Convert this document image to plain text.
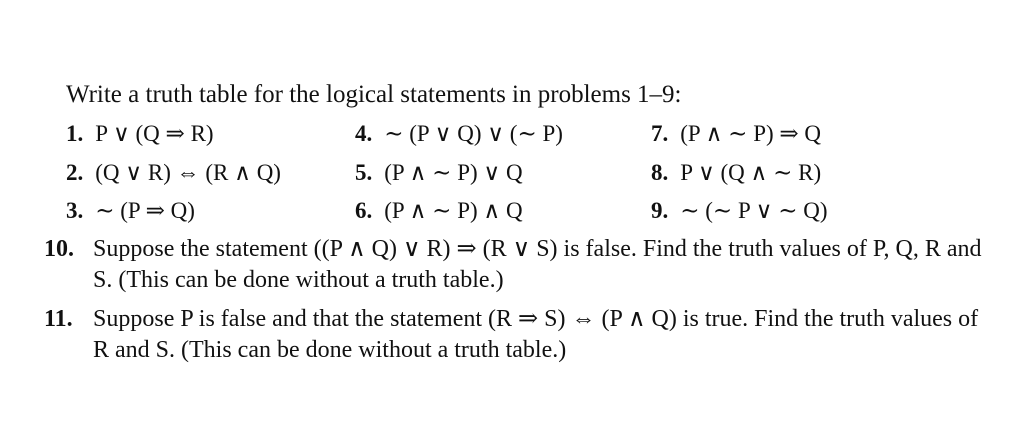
Write a truth table for the logical statements in problems 1–9:
1. P ∨ (Q ⇒ R)	4. ∼ (P ∨ Q) ∨ (∼ P)	7. (P ∧ ∼ P) ⇒ Q
2. (Q ∨ R) ⇔ (R ∧ Q)	5. (P ∧ ∼ P) ∨ Q	8. P ∨ (Q ∧ ∼ R)
3. ∼ (P ⇒ Q)	6. (P ∧ ∼ P) ∧ Q	9. ∼ (∼ P ∨ ∼ Q)
10. Suppose the statement ((P ∧ Q) ∨ R) ⇒ (R ∨ S) is false. Find the truth values of P, Q, R and S. (This can be done without a truth table.)
11. Suppose P is false and that the statement (R ⇒ S) ⇔ (P ∧ Q) is true. Find the truth values of R and S. (This can be done without a truth table.)
